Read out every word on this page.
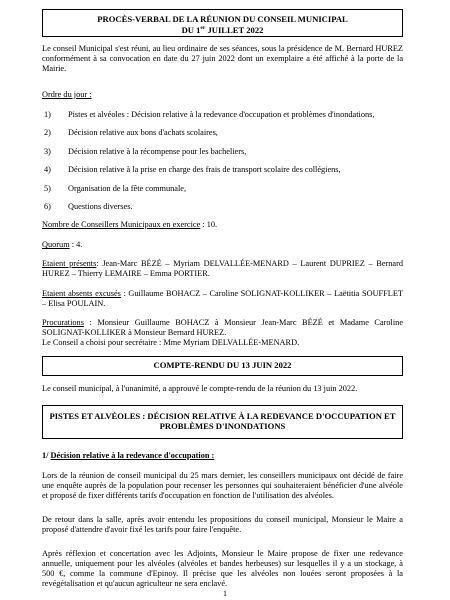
PROCÈS-VERBAL DE LA RÉUNION DU CONSEIL MUNICIPAL
DU 1er JUILLET 2022
Le conseil Municipal s'est réuni, au lieu ordinaire de ses séances, sous la présidence de M. Bernard HUREZ conformément à sa convocation en date du 27 juin 2022 dont un exemplaire a été affiché à la porte de la Mairie.
Ordre du jour :
1) Pistes et alvéoles : Décision relative à la redevance d'occupation et problèmes d'inondations,
2) Décision relative aux bons d'achats scolaires,
3) Décision relative à la récompense pour les bacheliers,
4) Décision relative à la prise en charge des frais de transport scolaire des collégiens,
5) Organisation de la fête communale,
6) Questions diverses.
Nombre de Conseillers Municipaux en exercice : 10.
Quorum : 4.
Etaient présents: Jean-Marc BÉZÉ – Myriam DELVALLÉE-MENARD – Laurent DUPRIEZ – Bernard HUREZ – Thierry LEMAIRE – Emma PORTIER.
Etaient absents excusés : Guillaume BOHACZ – Caroline SOLIGNAT-KOLLIKER – Laëtitia SOUFFLET – Elisa POULAIN.
Procurations : Monsieur Guillaume BOHACZ à Monsieur Jean-Marc BÉZÉ et Madame Caroline SOLIGNAT-KOLLIKER à Monsieur Bernard HUREZ.
Le Conseil a choisi pour secrétaire : Mme Myriam DELVALLÉE-MENARD.
COMPTE-RENDU DU 13 JUIN 2022
Le conseil municipal, à l'unanimité, a approuvé le compte-rendu de la réunion du 13 juin 2022.
PISTES ET ALVÉOLES : DÉCISION RELATIVE À LA REDEVANCE D'OCCUPATION ET
PROBLÈMES D'INONDATIONS
1/ Décision relative à la redevance d'occupation :
Lors de la réunion de conseil municipal du 25 mars dernier, les conseillers municipaux ont décidé de faire une enquête auprès de la population pour recenser les personnes qui souhaiteraient bénéficier d'une alvéole et proposé de fixer différents tarifs d'occupation en fonction de l'utilisation des alvéoles.
De retour dans la salle, après avoir entendu les propositions du conseil municipal, Monsieur le Maire a proposé d'attendre d'avoir fixé les tarifs pour faire l'enquête.
Après réflexion et concertation avec les Adjoints, Monsieur le Maire propose de fixer une redevance annuelle, uniquement pour les alvéoles (alvéoles et bandes herbeuses) sur lesquelles il y a un stockage, à 500 €, comme la commune d'Epinoy. Il précise que les alvéoles non louées seront proposées à la revégétalisation et qu'aucun agriculteur ne sera enclavé.
1
